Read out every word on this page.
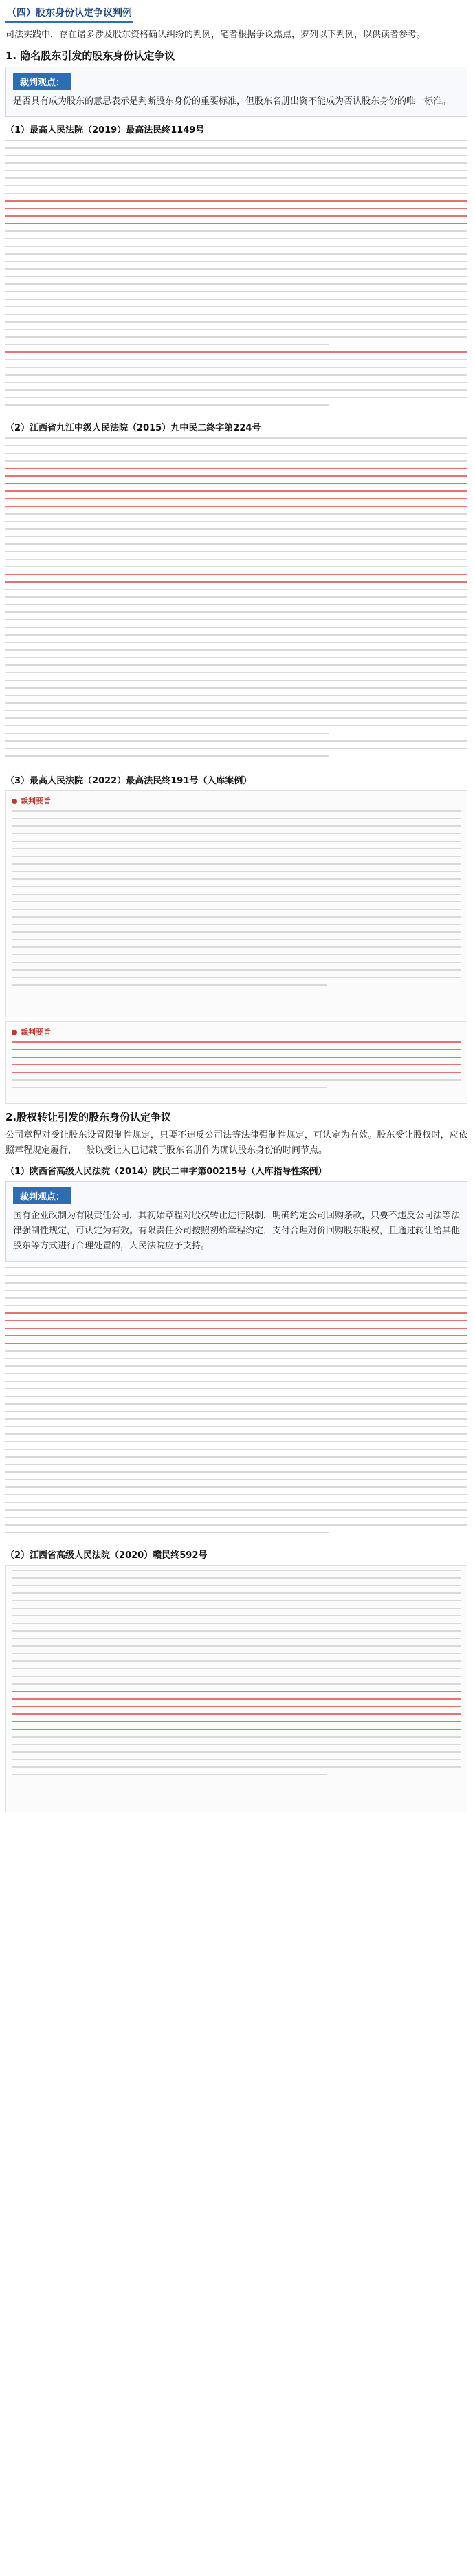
（四）股东身份认定争议判例

司法实践中，存在诸多涉及股东资格确认纠纷的判例，笔者根据争议焦点，罗列以下判例，以供读者参考。

1. 隐名股东引发的股东身份认定争议
裁判观点：

是否具有成为股东的意思表示是判断股东身份的重要标准，但股东名册出资不能成为否认股东身份的唯一标准。

（1）最高人民法院（2019）最高法民终1149号
（2）江西省九江中级人民法院（2015）九中民二终字第224号
（3）最高人民法院（2022）最高法民终191号（入库案例）
裁判要旨
裁判要旨
2.股权转让引发的股东身份认定争议

公司章程对受让股东设置限制性规定，只要不违反公司法等法律强制性规定，可认定为有效。股东受让股权时，应依照章程规定履行，一般以受让人已记载于股东名册作为确认股东身份的时间节点。

（1）陕西省高级人民法院（2014）陕民二申字第00215号（入库指导性案例）
裁判观点：

国有企业改制为有限责任公司，其初始章程对股权转让进行限制，明确约定公司回购条款，只要不违反公司法等法律强制性规定，可认定为有效。有限责任公司按照初始章程约定，支付合理对价回购股东股权，且通过转让给其他股东等方式进行合理处置的，人民法院应予支持。

（2）江西省高级人民法院（2020）赣民终592号
